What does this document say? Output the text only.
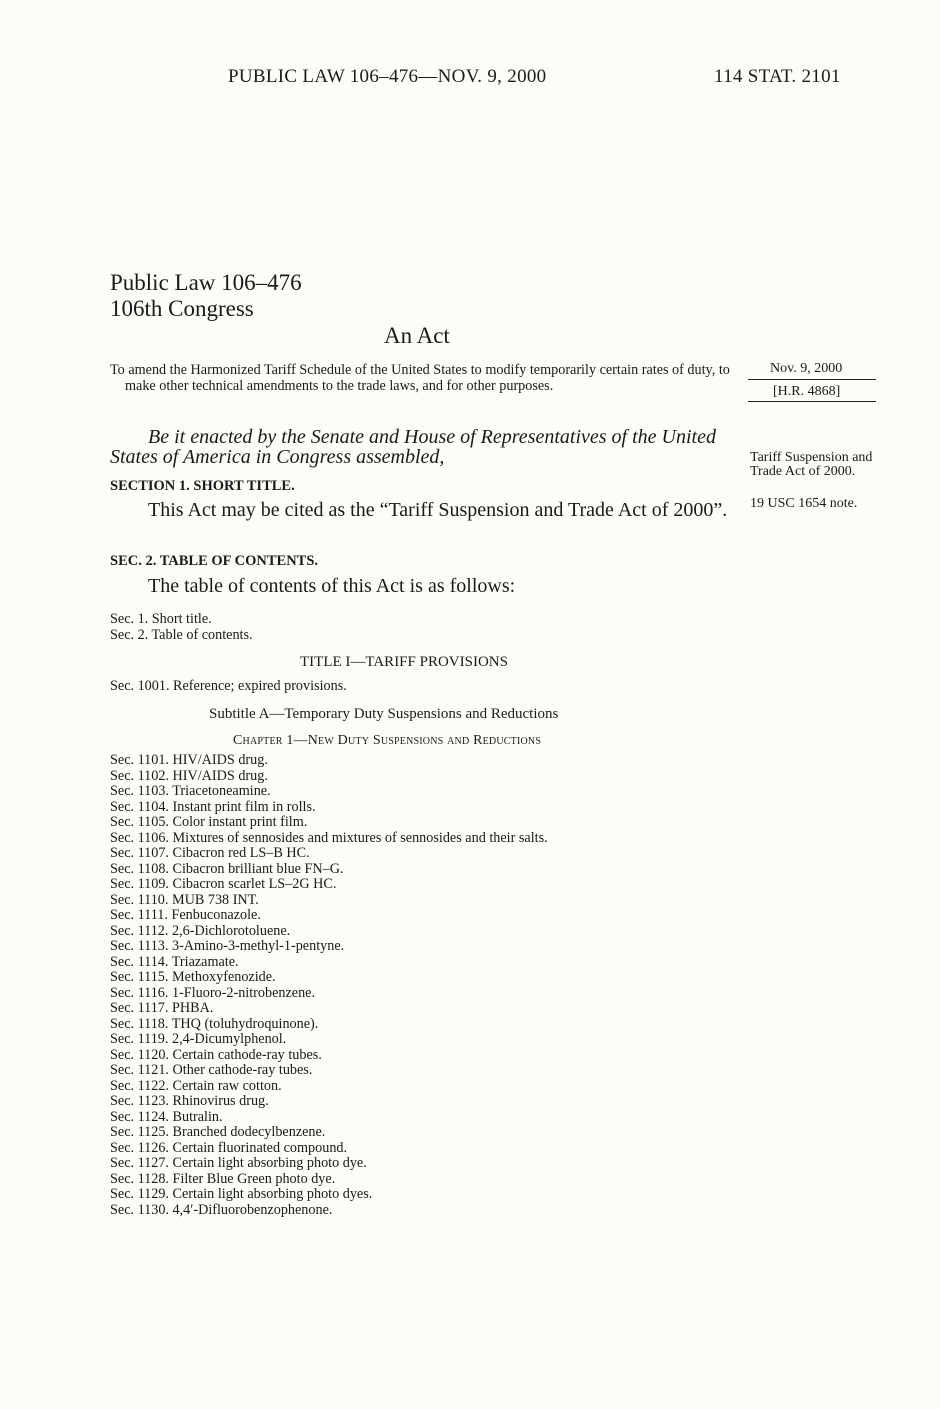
PUBLIC LAW 106–476—NOV. 9, 2000	114 STAT. 2101
Public Law 106–476
106th Congress
An Act
To amend the Harmonized Tariff Schedule of the United States to modify temporarily certain rates of duty, to make other technical amendments to the trade laws, and for other purposes.
Nov. 9, 2000
[H.R. 4868]
Be it enacted by the Senate and House of Representatives of the United States of America in Congress assembled,	Tariff Suspension and Trade Act of 2000.
19 USC 1654 note.
SECTION 1. SHORT TITLE.
This Act may be cited as the “Tariff Suspension and Trade Act of 2000”.
SEC. 2. TABLE OF CONTENTS.
The table of contents of this Act is as follows:
Sec. 1. Short title.
Sec. 2. Table of contents.
TITLE I—TARIFF PROVISIONS
Sec. 1001. Reference; expired provisions.
Subtitle A—Temporary Duty Suspensions and Reductions
Chapter 1—New Duty Suspensions and Reductions
Sec. 1101. HIV/AIDS drug.
Sec. 1102. HIV/AIDS drug.
Sec. 1103. Triacetoneamine.
Sec. 1104. Instant print film in rolls.
Sec. 1105. Color instant print film.
Sec. 1106. Mixtures of sennosides and mixtures of sennosides and their salts.
Sec. 1107. Cibacron red LS–B HC.
Sec. 1108. Cibacron brilliant blue FN–G.
Sec. 1109. Cibacron scarlet LS–2G HC.
Sec. 1110. MUB 738 INT.
Sec. 1111. Fenbuconazole.
Sec. 1112. 2,6-Dichlorotoluene.
Sec. 1113. 3-Amino-3-methyl-1-pentyne.
Sec. 1114. Triazamate.
Sec. 1115. Methoxyfenozide.
Sec. 1116. 1-Fluoro-2-nitrobenzene.
Sec. 1117. PHBA.
Sec. 1118. THQ (toluhydroquinone).
Sec. 1119. 2,4-Dicumylphenol.
Sec. 1120. Certain cathode-ray tubes.
Sec. 1121. Other cathode-ray tubes.
Sec. 1122. Certain raw cotton.
Sec. 1123. Rhinovirus drug.
Sec. 1124. Butralin.
Sec. 1125. Branched dodecylbenzene.
Sec. 1126. Certain fluorinated compound.
Sec. 1127. Certain light absorbing photo dye.
Sec. 1128. Filter Blue Green photo dye.
Sec. 1129. Certain light absorbing photo dyes.
Sec. 1130. 4,4′-Difluorobenzophenone.
